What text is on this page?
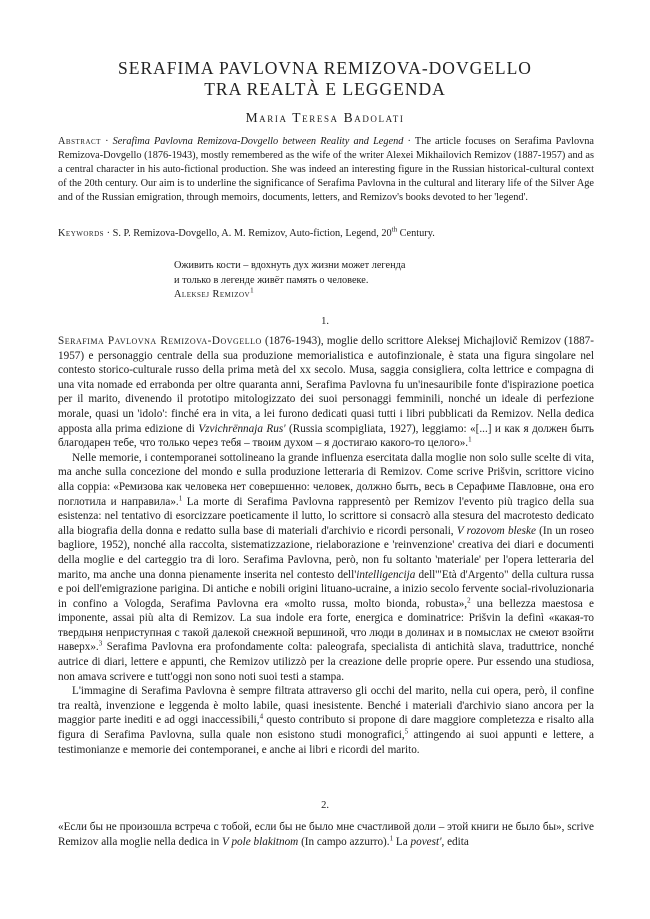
SERAFIMA PAVLOVNA REMIZOVA-DOVGELLO
TRA REALTÀ E LEGGENDA
Maria Teresa Badolati
Abstract · Serafima Pavlovna Remizova-Dovgello between Reality and Legend · The article focuses on Serafima Pavlovna Remizova-Dovgello (1876-1943), mostly remembered as the wife of the writer Alexei Mikhailovich Remizov (1887-1957) and as a central character in his auto-fictional production. She was indeed an interesting figure in the Russian historical-cultural context of the 20th century. Our aim is to underline the significance of Serafima Pavlovna in the cultural and literary life of the Silver Age and of the Russian emigration, through memoirs, documents, letters, and Remizov's books devoted to her 'legend'.
Keywords · S. P. Remizova-Dovgello, A. M. Remizov, Auto-fiction, Legend, 20th Century.
Оживить кости – вдохнуть дух жизни может легенда
и только в легенде живёт память о человеке.
Aleksej Remizov$^1$
1.

Serafima Pavlovna Remizova-Dovgello (1876-1943), moglie dello scrittore Aleksej Michajlovič Remizov (1887-1957) e personaggio centrale della sua produzione memorialistica e autofinzionale, è stata una figura singolare nel contesto storico-culturale russo della prima metà del xx secolo. Musa, saggia consigliera, colta lettrice e compagna di una vita nomade ed errabonda per oltre quaranta anni, Serafima Pavlovna fu un'inesauribile fonte d'ispirazione poetica per il marito, divenendo il prototipo mitologizzato dei suoi personaggi femminili, nonché un ideale di perfezione morale, quasi un 'idolo': finché era in vita, a lei furono dedicati quasi tutti i libri pubblicati da Remizov. Nella dedica apposta alla prima edizione di Vzvichrënnaja Rus' (Russia scompigliata, 1927), leggiamo: «[...] и как я должен быть благодарен тебе, что только через тебя – твоим духом – я достигаю какого-то целого».$^1$

Nelle memorie, i contemporanei sottolineano la grande influenza esercitata dalla moglie non solo sulle scelte di vita, ma anche sulla concezione del mondo e sulla produzione letteraria di Remizov. Come scrive Prišvin, scrittore vicino alla coppia: «Ремизова как человека нет совершенно: человек, должно быть, весь в Серафиме Павловне, она его поглотила и направила».$^1$ La morte di Serafima Pavlovna rappresentò per Remizov l'evento più tragico della sua esistenza: nel tentativo di esorcizzare poeticamente il lutto, lo scrittore si consacrò alla stesura del macrotesto dedicato alla biografia della donna e redatto sulla base di materiali d'archivio e ricordi personali, V rozovom bleske (In un roseo bagliore, 1952), nonché alla raccolta, sistematizzazione, rielaborazione e 'reinvenzione' creativa dei diari e documenti della moglie e del carteggio tra di loro. Serafima Pavlovna, però, non fu soltanto 'materiale' per l'opera letteraria del marito, ma anche una donna pienamente inserita nel contesto dell'intelligencija dell'"Età d'Argento" della cultura russa e poi dell'emigrazione parigina. Di antiche e nobili origini lituano-ucraine, a inizio secolo fervente social-rivoluzionaria in confino a Vologda, Serafima Pavlovna era «molto russa, molto bionda, robusta»,$^2$ una bellezza maestosa e imponente, assai più alta di Remizov. La sua indole era forte, energica e dominatrice: Prišvin la definì «какая-то твердыня неприступная с такой далекой снежной вершиной, что люди в долинах и в помыслах не смеют взойти наверх».$^3$ Serafima Pavlovna era profondamente colta: paleografa, specialista di antichità slava, traduttrice, nonché autrice di diari, lettere e appunti, che Remizov utilizzò per la creazione delle proprie opere. Pur essendo una studiosa, non amava scrivere e tutt'oggi non sono noti suoi testi a stampa.

L'immagine di Serafima Pavlovna è sempre filtrata attraverso gli occhi del marito, nella cui opera, però, il confine tra realtà, invenzione e leggenda è molto labile, quasi inesistente. Benché i materiali d'archivio siano ancora per la maggior parte inediti e ad oggi inaccessibili,$^4$ questo contributo si propone di dare maggiore completezza e risalto alla figura di Serafima Pavlovna, sulla quale non esistono studi monografici,$^5$ attingendo ai suoi appunti e lettere, a testimonianze e memorie dei contemporanei, e anche ai libri e ricordi del marito.

2.

«Если бы не произошла встреча с тобой, если бы не было мне счастливой доли – этой книги не было бы», scrive Remizov alla moglie nella dedica in V pole blakitnom (In campo azzurro).$^1$ La povest', edita
